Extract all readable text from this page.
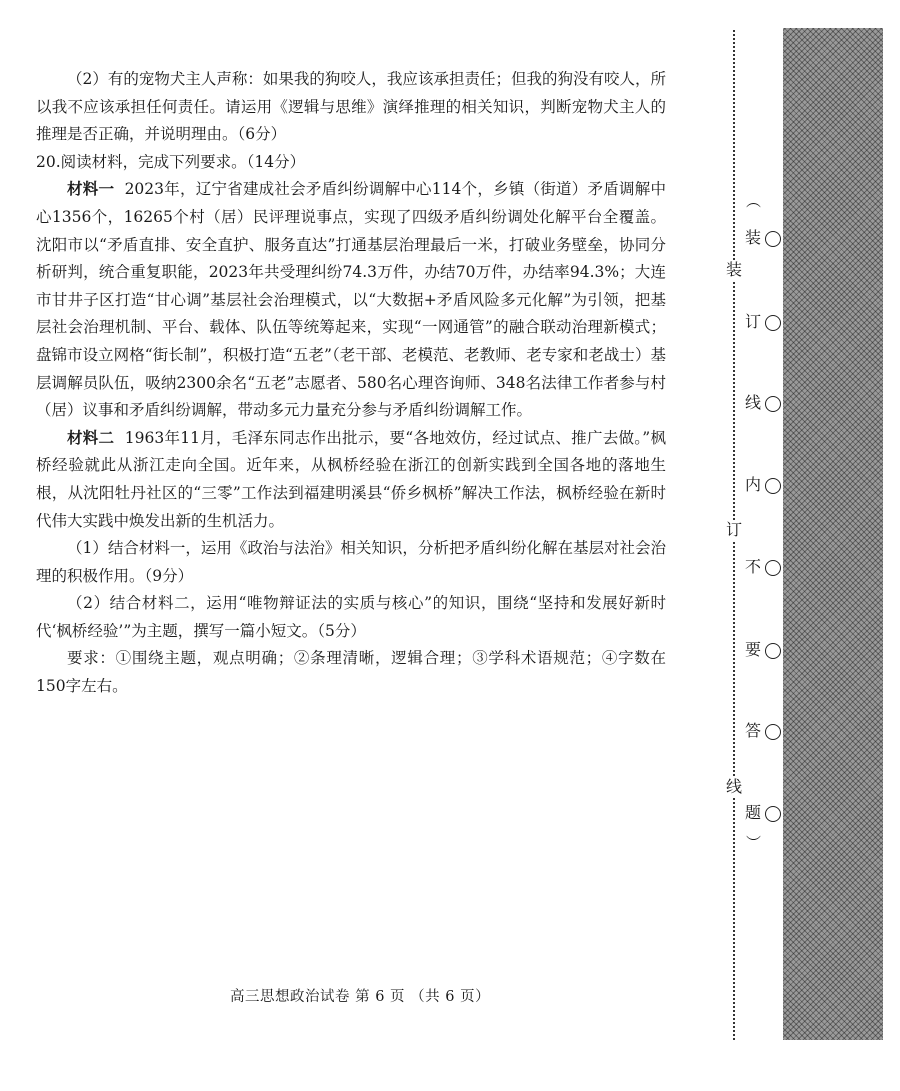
（2）有的宠物犬主人声称：如果我的狗咬人，我应该承担责任；但我的狗没有咬人，所以我不应该承担任何责任。请运用《逻辑与思维》演绎推理的相关知识，判断宠物犬主人的推理是否正确，并说明理由。（6分）

20.阅读材料，完成下列要求。（14分）

材料一 2023年，辽宁省建成社会矛盾纠纷调解中心114个，乡镇（街道）矛盾调解中心1356个，16265个村（居）民评理说事点，实现了四级矛盾纠纷调处化解平台全覆盖。沈阳市以“矛盾直排、安全直护、服务直达”打通基层治理最后一米，打破业务壁垒，协同分析研判，统合重复职能，2023年共受理纠纷74.3万件，办结70万件，办结率94.3%；大连市甘井子区打造“甘心调”基层社会治理模式，以“大数据+矛盾风险多元化解”为引领，把基层社会治理机制、平台、载体、队伍等统筹起来，实现“一网通管”的融合联动治理新模式；盘锦市设立网格“街长制”，积极打造“五老”（老干部、老模范、老教师、老专家和老战士）基层调解员队伍，吸纳2300余名“五老”志愿者、580名心理咨询师、348名法律工作者参与村（居）议事和矛盾纠纷调解，带动多元力量充分参与矛盾纠纷调解工作。

材料二 1963年11月，毛泽东同志作出批示，要“各地效仿，经过试点、推广去做。”枫桥经验就此从浙江走向全国。近年来，从枫桥经验在浙江的创新实践到全国各地的落地生根，从沈阳牡丹社区的“三零”工作法到福建明溪县“侨乡枫桥”解决工作法，枫桥经验在新时代伟大实践中焕发出新的生机活力。

（1）结合材料一，运用《政治与法治》相关知识，分析把矛盾纠纷化解在基层对社会治理的积极作用。（9分）

（2）结合材料二，运用“唯物辩证法的实质与核心”的知识，围绕“坚持和发展好新时代‘枫桥经验’”为主题，撰写一篇小短文。（5分）

要求：①围绕主题，观点明确；②条理清晰，逻辑合理；③学科术语规范；④字数在150字左右。

高三思想政治试卷 第 6 页 （共 6 页）
装
订
线
︵
装
订
线
内
不
要
答
题
︶
